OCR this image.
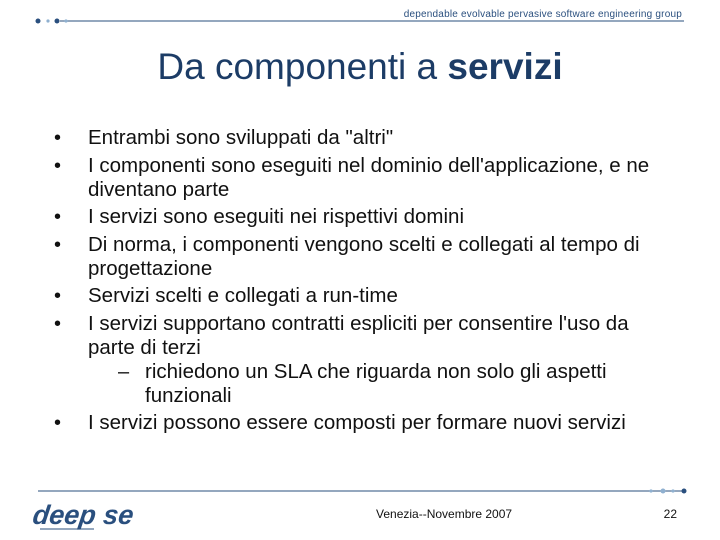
dependable evolvable pervasive software engineering group
Da componenti a servizi
• Entrambi sono sviluppati da "altri"
• I componenti sono eseguiti nel dominio dell'applicazione, e ne diventano parte
• I servizi sono eseguiti nei rispettivi domini
• Di norma, i componenti vengono scelti e collegati al tempo di progettazione
• Servizi scelti e collegati a run-time
• I servizi supportano contratti espliciti per consentire l'uso da parte di terzi
– richiedono un SLA che riguarda non solo gli aspetti funzionali
• I servizi possono essere composti per formare nuovi servizi
deep se	Venezia--Novembre 2007	22
